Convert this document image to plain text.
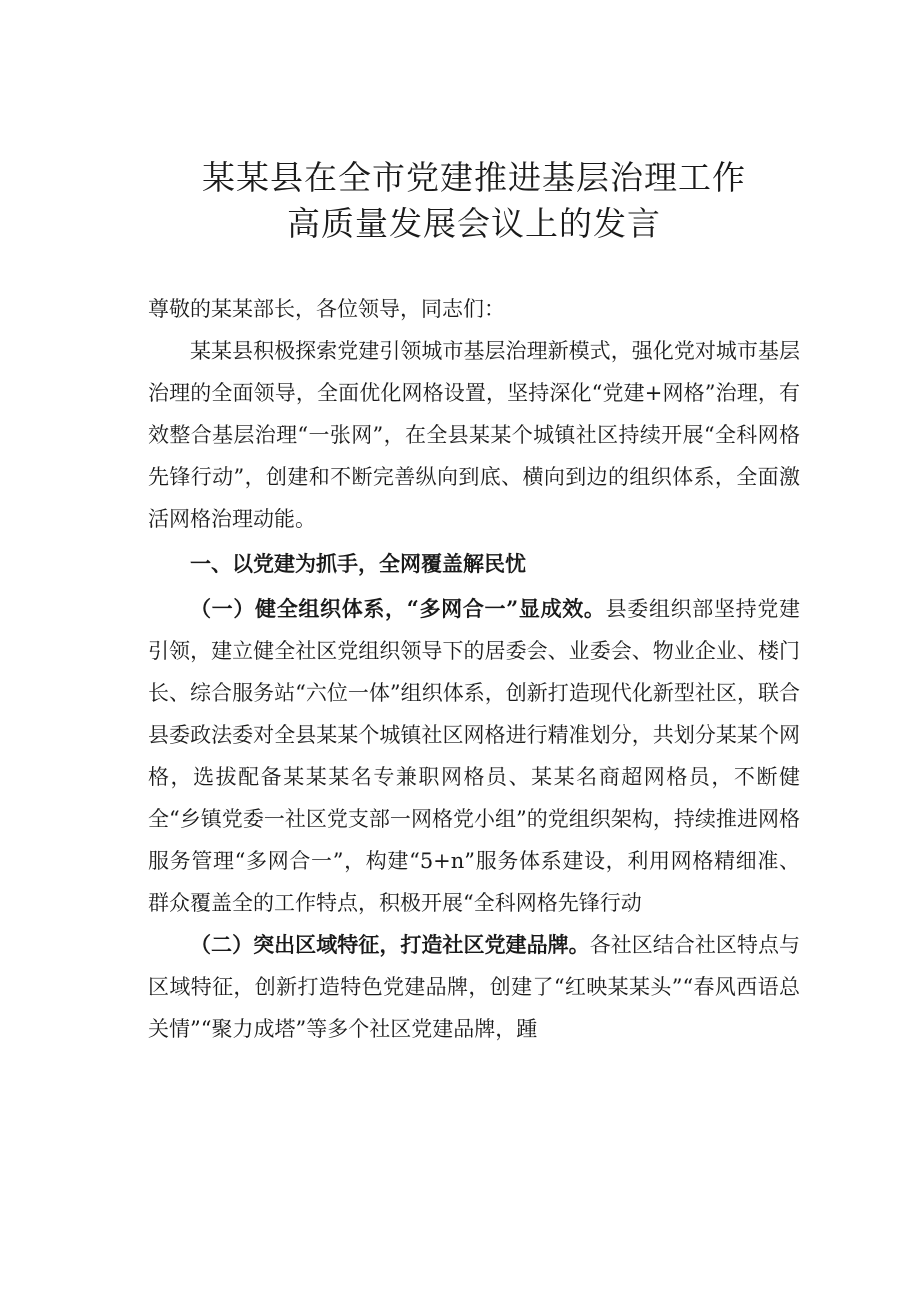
某某县在全市党建推进基层治理工作
高质量发展会议上的发言

尊敬的某某部长，各位领导，同志们：

某某县积极探索党建引领城市基层治理新模式，强化党对城市基层治理的全面领导，全面优化网格设置，坚持深化“党建+网格”治理，有效整合基层治理“一张网”，在全县某某个城镇社区持续开展“全科网格先锋行动”，创建和不断完善纵向到底、横向到边的组织体系，全面激活网格治理动能。

一、以党建为抓手，全网覆盖解民忧

（一）健全组织体系，“多网合一”显成效。县委组织部坚持党建引领，建立健全社区党组织领导下的居委会、业委会、物业企业、楼门长、综合服务站“六位一体”组织体系，创新打造现代化新型社区，联合县委政法委对全县某某个城镇社区网格进行精准划分，共划分某某个网格，选拔配备某某某名专兼职网格员、某某名商超网格员，不断健全“乡镇党委一社区党支部一网格党小组”的党组织架构，持续推进网格服务管理“多网合一”，构建“5+n”服务体系建设，利用网格精细准、群众覆盖全的工作特点，积极开展“全科网格先锋行动

（二）突出区域特征，打造社区党建品牌。各社区结合社区特点与区域特征，创新打造特色党建品牌，创建了“红映某某头”“春风西语总关情”“聚力成塔”等多个社区党建品牌，踵
